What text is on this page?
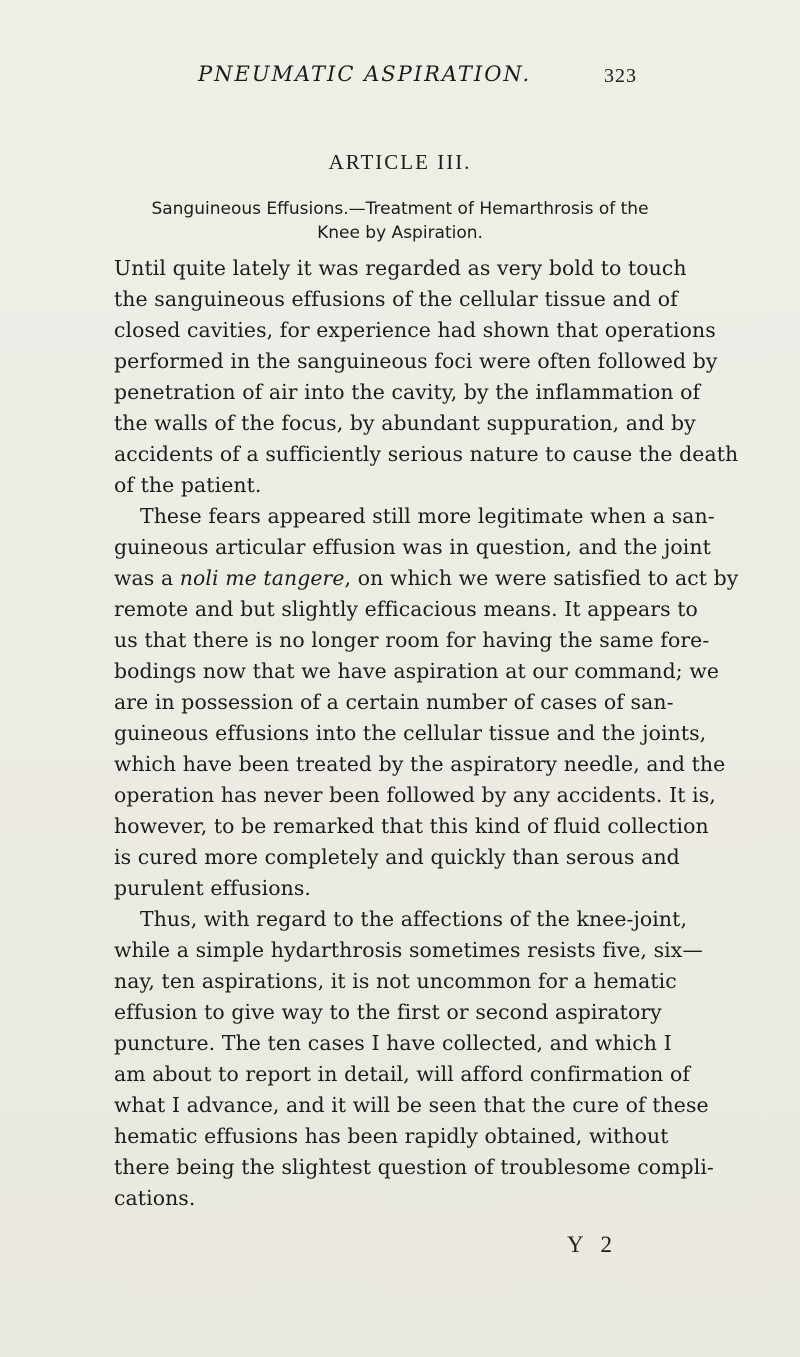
PNEUMATIC ASPIRATION.	323
ARTICLE III.
Sanguineous Effusions.—Treatment of Hemarthrosis of the
Knee by Aspiration.
Until quite lately it was regarded as very bold to touch
the sanguineous effusions of the cellular tissue and of
closed cavities, for experience had shown that operations
performed in the sanguineous foci were often followed by
penetration of air into the cavity, by the inflammation of
the walls of the focus, by abundant suppuration, and by
accidents of a sufficiently serious nature to cause the death
of the patient.
These fears appeared still more legitimate when a san-
guineous articular effusion was in question, and the joint
was a noli me tangere, on which we were satisfied to act by
remote and but slightly efficacious means. It appears to
us that there is no longer room for having the same fore-
bodings now that we have aspiration at our command; we
are in possession of a certain number of cases of san-
guineous effusions into the cellular tissue and the joints,
which have been treated by the aspiratory needle, and the
operation has never been followed by any accidents. It is,
however, to be remarked that this kind of fluid collection
is cured more completely and quickly than serous and
purulent effusions.
Thus, with regard to the affections of the knee-joint,
while a simple hydarthrosis sometimes resists five, six—
nay, ten aspirations, it is not uncommon for a hematic
effusion to give way to the first or second aspiratory
puncture. The ten cases I have collected, and which I
am about to report in detail, will afford confirmation of
what I advance, and it will be seen that the cure of these
hematic effusions has been rapidly obtained, without
there being the slightest question of troublesome compli-
cations.
Y 2
